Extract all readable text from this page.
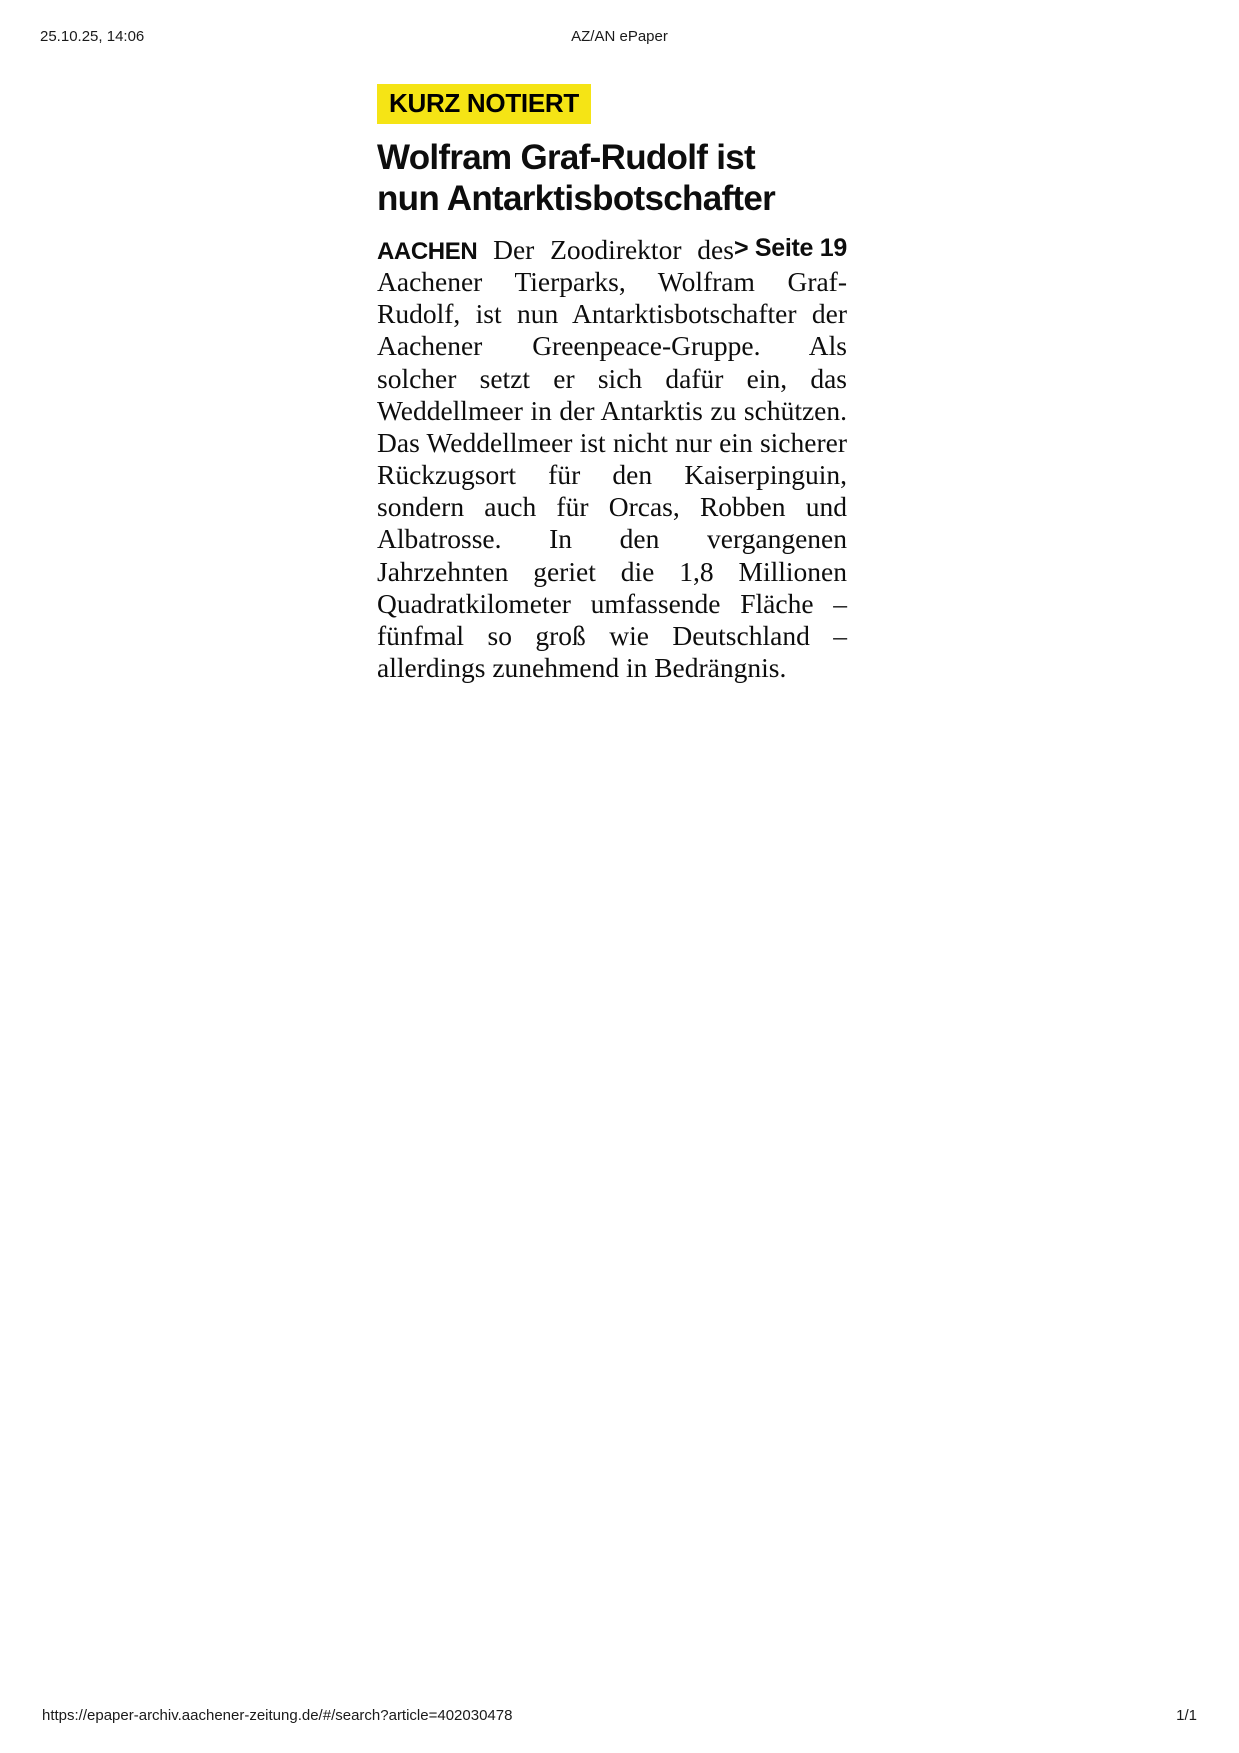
25.10.25, 14:06	AZ/AN ePaper
KURZ NOTIERT
Wolfram Graf-Rudolf ist
nun Antarktisbotschafter

> Seite 19
AACHEN Der Zoodirektor des Aachener Tierparks, Wolfram Graf-Rudolf, ist nun Antarktisbotschafter der Aachener Greenpeace-Gruppe. Als solcher setzt er sich dafür ein, das Weddellmeer in der Antarktis zu schützen. Das Weddellmeer ist nicht nur ein sicherer Rückzugsort für den Kaiserpinguin, sondern auch für Orcas, Robben und Albatrosse. In den vergangenen Jahrzehnten geriet die 1,8 Millionen Quadratkilometer umfassende Fläche – fünfmal so groß wie Deutschland – allerdings zunehmend in Bedrängnis.

https://epaper-archiv.aachener-zeitung.de/#/search?article=402030478	1/1
